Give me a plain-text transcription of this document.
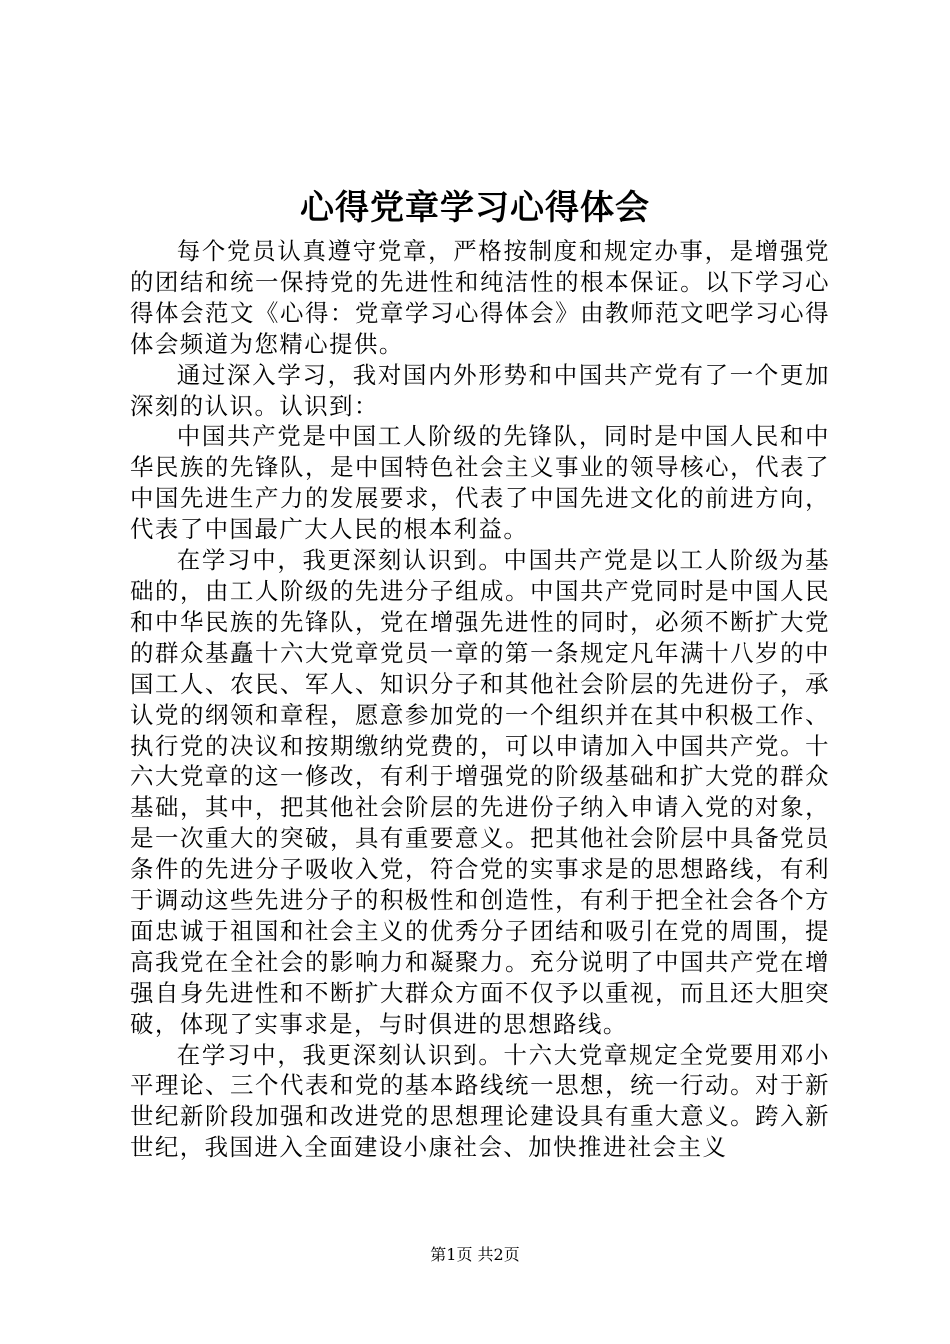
心得党章学习心得体会

每个党员认真遵守党章，严格按制度和规定办事，是增强党的团结和统一保持党的先进性和纯洁性的根本保证。以下学习心得体会范文《心得：党章学习心得体会》由教师范文吧学习心得体会频道为您精心提供。

通过深入学习，我对国内外形势和中国共产党有了一个更加深刻的认识。认识到：

中国共产党是中国工人阶级的先锋队，同时是中国人民和中华民族的先锋队，是中国特色社会主义事业的领导核心，代表了中国先进生产力的发展要求，代表了中国先进文化的前进方向，代表了中国最广大人民的根本利益。

在学习中，我更深刻认识到。中国共产党是以工人阶级为基础的，由工人阶级的先进分子组成。中国共产党同时是中国人民和中华民族的先锋队，党在增强先进性的同时，必须不断扩大党的群众基矗十六大党章党员一章的第一条规定凡年满十八岁的中国工人、农民、军人、知识分子和其他社会阶层的先进份子，承认党的纲领和章程，愿意参加党的一个组织并在其中积极工作、执行党的决议和按期缴纳党费的，可以申请加入中国共产党。十六大党章的这一修改，有利于增强党的阶级基础和扩大党的群众基础，其中，把其他社会阶层的先进份子纳入申请入党的对象，是一次重大的突破，具有重要意义。把其他社会阶层中具备党员条件的先进分子吸收入党，符合党的实事求是的思想路线，有利于调动这些先进分子的积极性和创造性，有利于把全社会各个方面忠诚于祖国和社会主义的优秀分子团结和吸引在党的周围，提高我党在全社会的影响力和凝聚力。充分说明了中国共产党在增强自身先进性和不断扩大群众方面不仅予以重视，而且还大胆突破，体现了实事求是，与时俱进的思想路线。

在学习中，我更深刻认识到。十六大党章规定全党要用邓小平理论、三个代表和党的基本路线统一思想，统一行动。对于新世纪新阶段加强和改进党的思想理论建设具有重大意义。跨入新世纪，我国进入全面建设小康社会、加快推进社会主义

第1页 共2页
